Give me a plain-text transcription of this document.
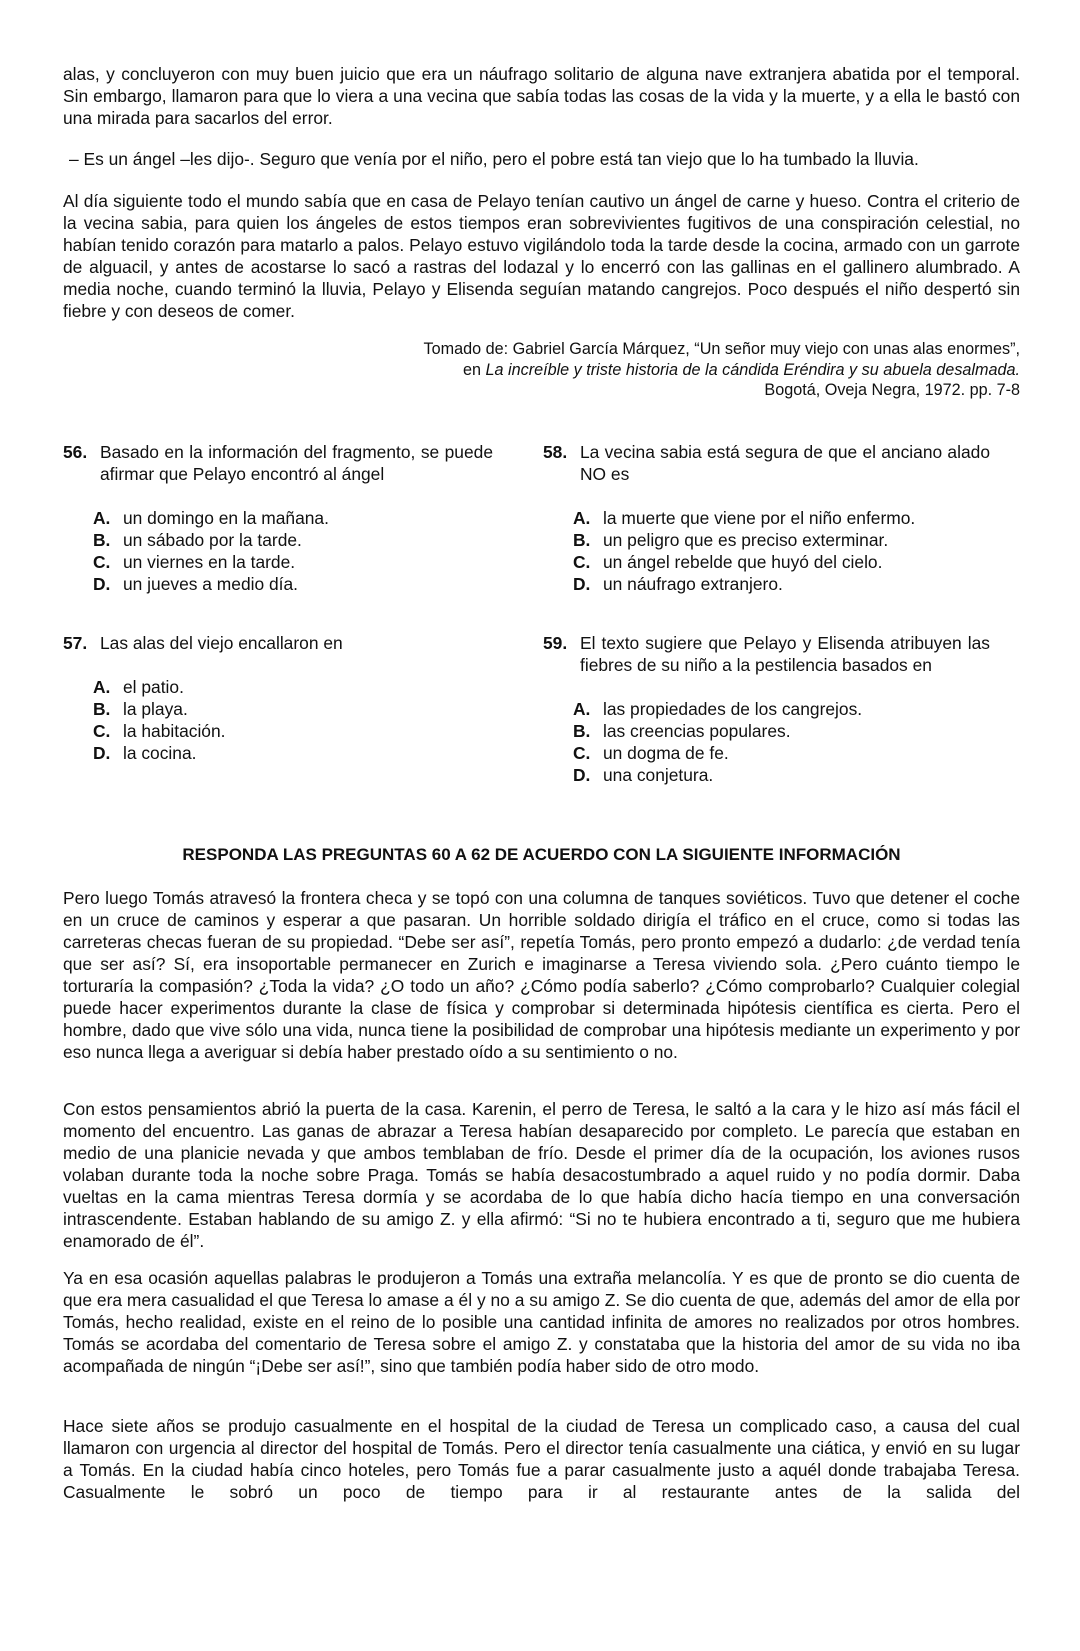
alas, y concluyeron con muy buen juicio que era un náufrago solitario de alguna nave extranjera abatida por el temporal. Sin embargo, llamaron para que lo viera a una vecina que sabía todas las cosas de la vida y la muerte, y a ella le bastó con una mirada para sacarlos del error.

– Es un ángel –les dijo-. Seguro que venía por el niño, pero el pobre está tan viejo que lo ha tumbado la lluvia.

Al día siguiente todo el mundo sabía que en casa de Pelayo tenían cautivo un ángel de carne y hueso. Contra el criterio de la vecina sabia, para quien los ángeles de estos tiempos eran sobrevivientes fugitivos de una conspiración celestial, no habían tenido corazón para matarlo a palos. Pelayo estuvo vigilándolo toda la tarde desde la cocina, armado con un garrote de alguacil, y antes de acostarse lo sacó a rastras del lodazal y lo encerró con las gallinas en el gallinero alumbrado. A media noche, cuando terminó la lluvia, Pelayo y Elisenda seguían matando cangrejos. Poco después el niño despertó sin fiebre y con deseos de comer.

Tomado de: Gabriel García Márquez, “Un señor muy viejo con unas alas enormes”,
en La increíble y triste historia de la cándida Eréndira y su abuela desalmada.
Bogotá, Oveja Negra, 1972. pp. 7-8
56. Basado en la información del fragmento, se puede afirmar que Pelayo encontró al ángel
A. un domingo en la mañana.
B. un sábado por la tarde.
C. un viernes en la tarde.
D. un jueves a medio día.
58. La vecina sabia está segura de que el anciano alado NO es
A. la muerte que viene por el niño enfermo.
B. un peligro que es preciso exterminar.
C. un ángel rebelde que huyó del cielo.
D. un náufrago extranjero.
57. Las alas del viejo encallaron en
A. el patio.
B. la playa.
C. la habitación.
D. la cocina.
59. El texto sugiere que Pelayo y Elisenda atribuyen las fiebres de su niño a la pestilencia basados en
A. las propiedades de los cangrejos.
B. las creencias populares.
C. un dogma de fe.
D. una conjetura.
RESPONDA LAS PREGUNTAS 60 A 62 DE ACUERDO CON LA SIGUIENTE INFORMACIÓN

Pero luego Tomás atravesó la frontera checa y se topó con una columna de tanques soviéticos. Tuvo que detener el coche en un cruce de caminos y esperar a que pasaran. Un horrible soldado dirigía el tráfico en el cruce, como si todas las carreteras checas fueran de su propiedad. “Debe ser así”, repetía Tomás, pero pronto empezó a dudarlo: ¿de verdad tenía que ser así? Sí, era insoportable permanecer en Zurich e imaginarse a Teresa viviendo sola. ¿Pero cuánto tiempo le torturaría la compasión? ¿Toda la vida? ¿O todo un año? ¿Cómo podía saberlo? ¿Cómo comprobarlo? Cualquier colegial puede hacer experimentos durante la clase de física y comprobar si determinada hipótesis científica es cierta. Pero el hombre, dado que vive sólo una vida, nunca tiene la posibilidad de comprobar una hipótesis mediante un experimento y por eso nunca llega a averiguar si debía haber prestado oído a su sentimiento o no.

Con estos pensamientos abrió la puerta de la casa. Karenin, el perro de Teresa, le saltó a la cara y le hizo así más fácil el momento del encuentro. Las ganas de abrazar a Teresa habían desaparecido por completo. Le parecía que estaban en medio de una planicie nevada y que ambos temblaban de frío. Desde el primer día de la ocupación, los aviones rusos volaban durante toda la noche sobre Praga. Tomás se había desacostumbrado a aquel ruido y no podía dormir. Daba vueltas en la cama mientras Teresa dormía y se acordaba de lo que había dicho hacía tiempo en una conversación intrascendente. Estaban hablando de su amigo Z. y ella afirmó: “Si no te hubiera encontrado a ti, seguro que me hubiera enamorado de él”.

Ya en esa ocasión aquellas palabras le produjeron a Tomás una extraña melancolía. Y es que de pronto se dio cuenta de que era mera casualidad el que Teresa lo amase a él y no a su amigo Z. Se dio cuenta de que, además del amor de ella por Tomás, hecho realidad, existe en el reino de lo posible una cantidad infinita de amores no realizados por otros hombres. Tomás se acordaba del comentario de Teresa sobre el amigo Z. y constataba que la historia del amor de su vida no iba acompañada de ningún “¡Debe ser así!”, sino que también podía haber sido de otro modo.

Hace siete años se produjo casualmente en el hospital de la ciudad de Teresa un complicado caso, a causa del cual llamaron con urgencia al director del hospital de Tomás. Pero el director tenía casualmente una ciática, y envió en su lugar a Tomás. En la ciudad había cinco hoteles, pero Tomás fue a parar casualmente justo a aquél donde trabajaba Teresa. Casualmente le sobró un poco de tiempo para ir al restaurante antes de la salida del
